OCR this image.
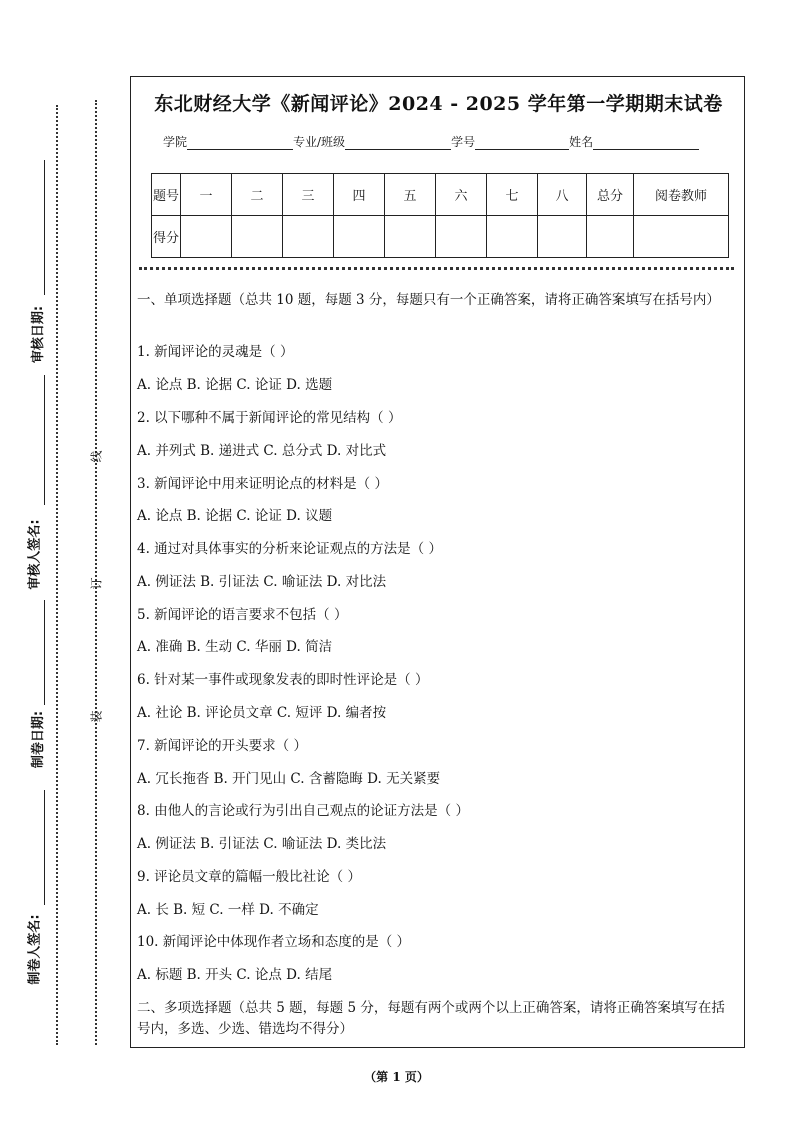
审核日期:
审核人签名:
制卷日期:
制卷人签名:
线
订
装
东北财经大学《新闻评论》2024 - 2025 学年第一学期期末试卷
学院	专业/班级	学号	姓名
题号	一	二	三	四	五	六	七	八	总分	阅卷教师
得分										
一、单项选择题（总共 10 题，每题 3 分，每题只有一个正确答案，请将正确答案填写在括号内）
1. 新闻评论的灵魂是（ ）
A. 论点 B. 论据 C. 论证 D. 选题
2. 以下哪种不属于新闻评论的常见结构（ ）
A. 并列式 B. 递进式 C. 总分式 D. 对比式
3. 新闻评论中用来证明论点的材料是（ ）
A. 论点 B. 论据 C. 论证 D. 议题
4. 通过对具体事实的分析来论证观点的方法是（ ）
A. 例证法 B. 引证法 C. 喻证法 D. 对比法
5. 新闻评论的语言要求不包括（ ）
A. 准确 B. 生动 C. 华丽 D. 简洁
6. 针对某一事件或现象发表的即时性评论是（ ）
A. 社论 B. 评论员文章 C. 短评 D. 编者按
7. 新闻评论的开头要求（ ）
A. 冗长拖沓 B. 开门见山 C. 含蓄隐晦 D. 无关紧要
8. 由他人的言论或行为引出自己观点的论证方法是（ ）
A. 例证法 B. 引证法 C. 喻证法 D. 类比法
9. 评论员文章的篇幅一般比社论（ ）
A. 长 B. 短 C. 一样 D. 不确定
10. 新闻评论中体现作者立场和态度的是（ ）
A. 标题 B. 开头 C. 论点 D. 结尾
二、多项选择题（总共 5 题，每题 5 分，每题有两个或两个以上正确答案，请将正确答案填写在括号内，多选、少选、错选均不得分）
（第 1 页）
